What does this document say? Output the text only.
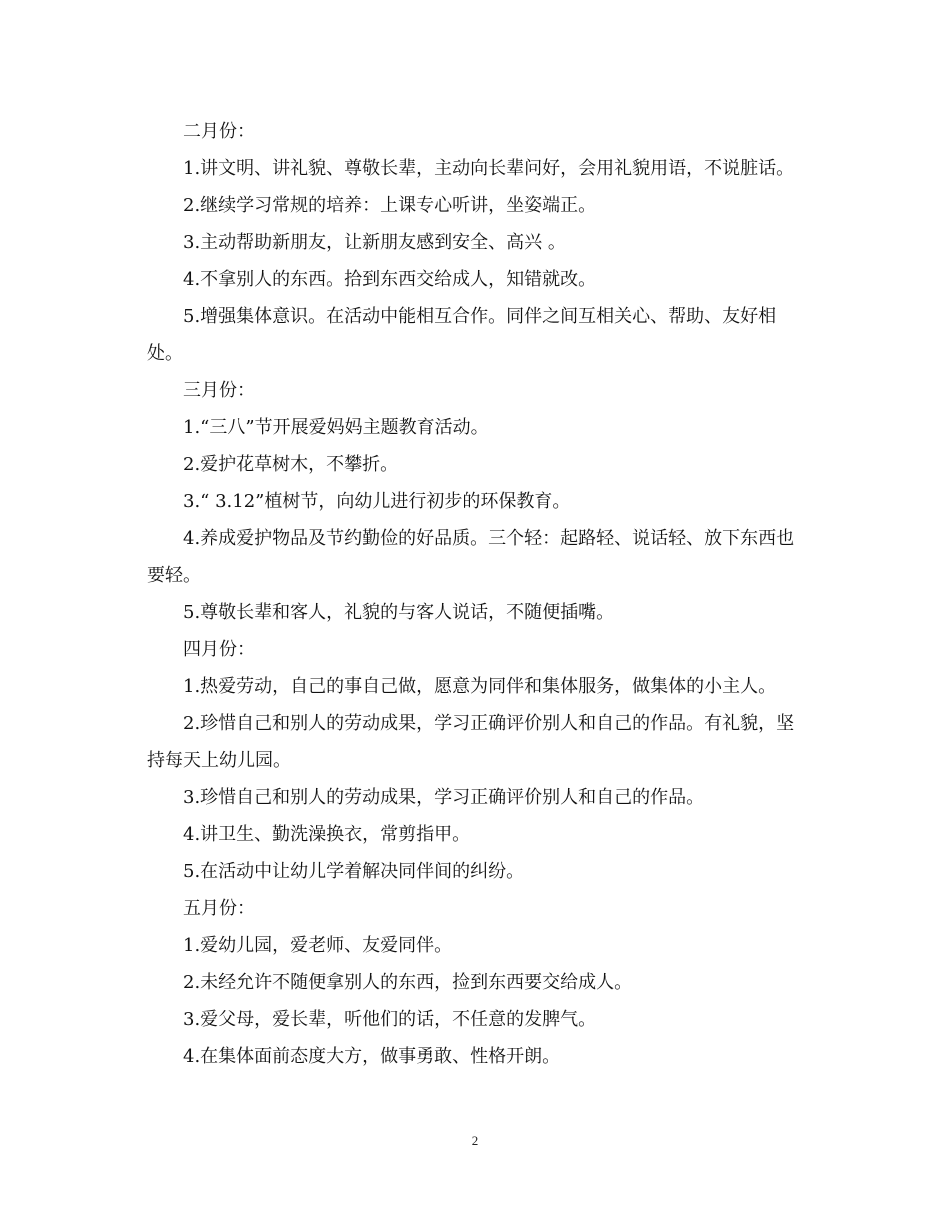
二月份：

1.讲文明、讲礼貌、尊敬长辈，主动向长辈问好，会用礼貌用语，不说脏话。

2.继续学习常规的培养：上课专心听讲，坐姿端正。

3.主动帮助新朋友，让新朋友感到安全、高兴 。

4.不拿别人的东西。拾到东西交给成人，知错就改。

5.增强集体意识。在活动中能相互合作。同伴之间互相关心、帮助、友好相处。

三月份：

1.“三八”节开展爱妈妈主题教育活动。

2.爱护花草树木，不攀折。

3.“ 3.12”植树节，向幼儿进行初步的环保教育。

4.养成爱护物品及节约勤俭的好品质。三个轻：起路轻、说话轻、放下东西也要轻。

5.尊敬长辈和客人，礼貌的与客人说话，不随便插嘴。

四月份：

1.热爱劳动，自己的事自己做，愿意为同伴和集体服务，做集体的小主人。

2.珍惜自己和别人的劳动成果，学习正确评价别人和自己的作品。有礼貌，坚持每天上幼儿园。

3.珍惜自己和别人的劳动成果，学习正确评价别人和自己的作品。

4.讲卫生、勤洗澡换衣，常剪指甲。

5.在活动中让幼儿学着解决同伴间的纠纷。

五月份：

1.爱幼儿园，爱老师、友爱同伴。

2.未经允许不随便拿别人的东西，捡到东西要交给成人。

3.爱父母，爱长辈，听他们的话，不任意的发脾气。

4.在集体面前态度大方，做事勇敢、性格开朗。

2
